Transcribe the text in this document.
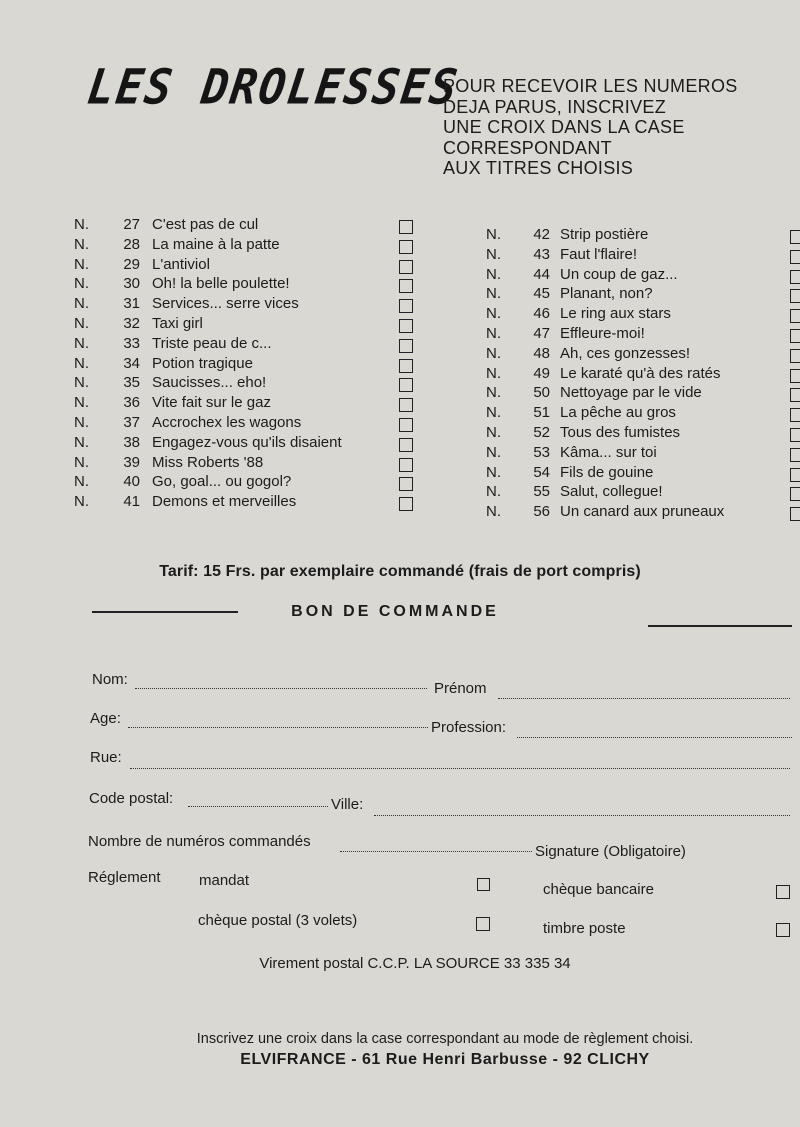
LES DROLESSES
POUR RECEVOIR LES NUMEROS
DEJA PARUS, INSCRIVEZ
UNE CROIX DANS LA CASE
CORRESPONDANT
AUX TITRES CHOISIS
N.	27 C'est pas de cul
N.	28 La maine à la patte
N.	29 L'antiviol
N.	30 Oh! la belle poulette!
N.	31 Services... serre vices
N.	32 Taxi girl
N.	33 Triste peau de c...
N.	34 Potion tragique
N.	35 Saucisses... eho!
N.	36 Vite fait sur le gaz
N.	37 Accrochex les wagons
N.	38 Engagez-vous qu'ils disaient
N.	39 Miss Roberts '88
N.	40 Go, goal... ou gogol?
N.	41 Demons et merveilles
N.	42 Strip postière
N.	43 Faut l'flaire!
N.	44 Un coup de gaz...
N.	45 Planant, non?
N.	46 Le ring aux stars
N.	47 Effleure-moi!
N.	48 Ah, ces gonzesses!
N.	49 Le karaté qu'à des ratés
N.	50 Nettoyage par le vide
N.	51 La pêche au gros
N.	52 Tous des fumistes
N.	53 Kâma... sur toi
N.	54 Fils de gouine
N.	55 Salut, collegue!
N.	56 Un canard aux pruneaux
Tarif: 15 Frs. par exemplaire commandé (frais de port compris)
BON DE COMMANDE
Nom:
Prénom
Age:
Profession:
Rue:
Code postal:	Ville:
Nombre de numéros commandés
Signature (Obligatoire)
Réglement	mandat
chèque bancaire
chèque postal (3 volets)	timbre poste
Virement postal C.C.P. LA SOURCE 33 335 34
Inscrivez une croix dans la case correspondant au mode de règlement choisi.
ELVIFRANCE - 61 Rue Henri Barbusse - 92 CLICHY
